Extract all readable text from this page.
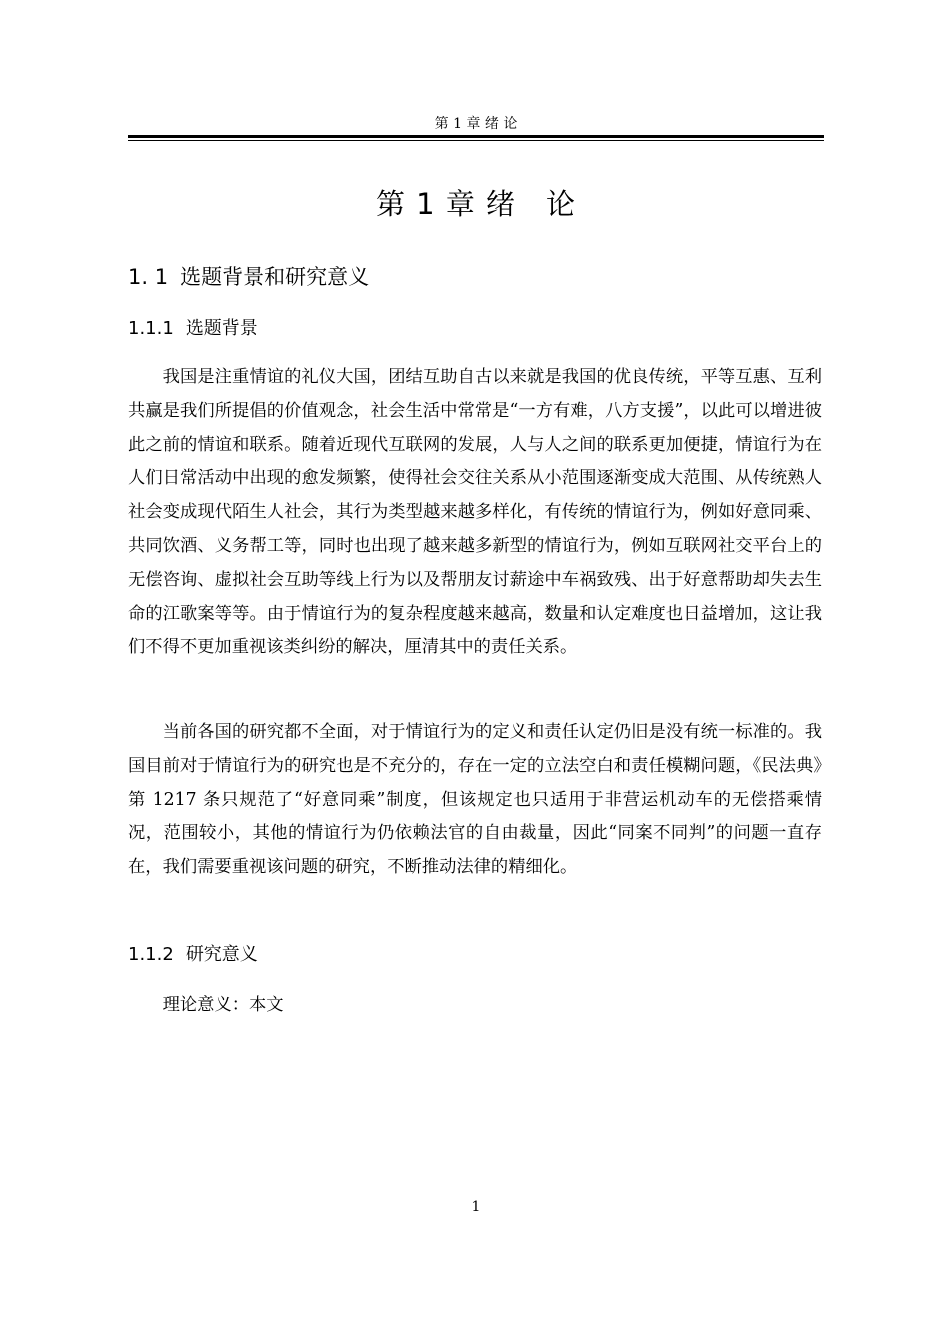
第 1 章 绪 论
第 1 章 绪　论
1. 1 选题背景和研究意义
1.1.1 选题背景

我国是注重情谊的礼仪大国，团结互助自古以来就是我国的优良传统，平等互惠、互利共赢是我们所提倡的价值观念，社会生活中常常是“一方有难，八方支援”，以此可以增进彼此之前的情谊和联系。随着近现代互联网的发展，人与人之间的联系更加便捷，情谊行为在人们日常活动中出现的愈发频繁，使得社会交往关系从小范围逐渐变成大范围、从传统熟人社会变成现代陌生人社会，其行为类型越来越多样化，有传统的情谊行为，例如好意同乘、共同饮酒、义务帮工等，同时也出现了越来越多新型的情谊行为，例如互联网社交平台上的无偿咨询、虚拟社会互助等线上行为以及帮朋友讨薪途中车祸致残、出于好意帮助却失去生命的江歌案等等。由于情谊行为的复杂程度越来越高，数量和认定难度也日益增加，这让我们不得不更加重视该类纠纷的解决，厘清其中的责任关系。

当前各国的研究都不全面，对于情谊行为的定义和责任认定仍旧是没有统一标准的。我国目前对于情谊行为的研究也是不充分的，存在一定的立法空白和责任模糊问题，《民法典》第 1217 条只规范了“好意同乘”制度，但该规定也只适用于非营运机动车的无偿搭乘情况，范围较小，其他的情谊行为仍依赖法官的自由裁量，因此“同案不同判”的问题一直存在，我们需要重视该问题的研究，不断推动法律的精细化。

1.1.2 研究意义

理论意义：本文

1
